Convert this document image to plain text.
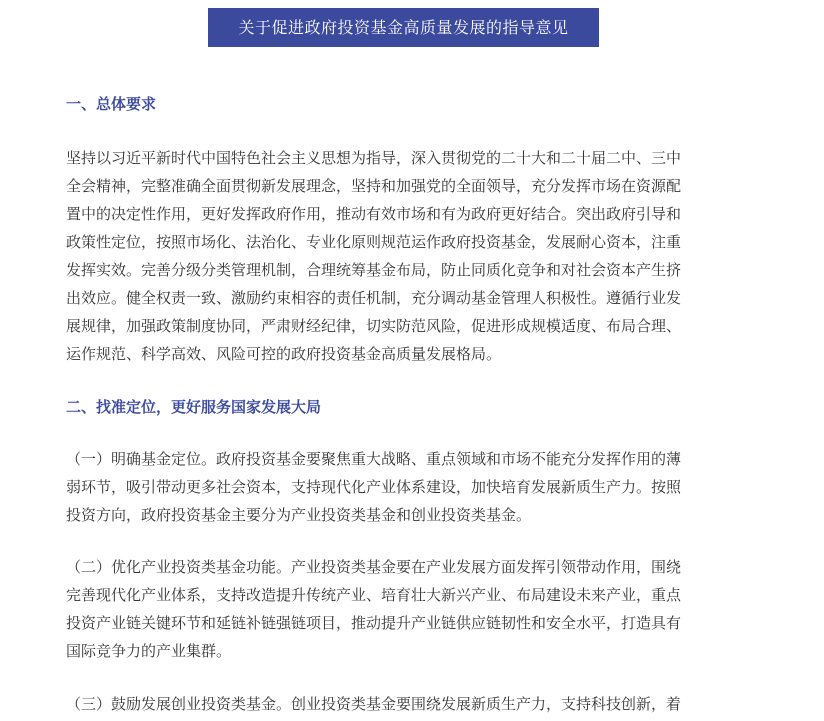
关于促进政府投资基金高质量发展的指导意见
一、总体要求
坚持以习近平新时代中国特色社会主义思想为指导，深入贯彻党的二十大和二十届二中、三中
全会精神，完整准确全面贯彻新发展理念，坚持和加强党的全面领导，充分发挥市场在资源配
置中的决定性作用，更好发挥政府作用，推动有效市场和有为政府更好结合。突出政府引导和
政策性定位，按照市场化、法治化、专业化原则规范运作政府投资基金，发展耐心资本，注重
发挥实效。完善分级分类管理机制，合理统筹基金布局，防止同质化竞争和对社会资本产生挤
出效应。健全权责一致、激励约束相容的责任机制，充分调动基金管理人积极性。遵循行业发
展规律，加强政策制度协同，严肃财经纪律，切实防范风险，促进形成规模适度、布局合理、
运作规范、科学高效、风险可控的政府投资基金高质量发展格局。
二、找准定位，更好服务国家发展大局
（一）明确基金定位。政府投资基金要聚焦重大战略、重点领域和市场不能充分发挥作用的薄
弱环节，吸引带动更多社会资本，支持现代化产业体系建设，加快培育发展新质生产力。按照
投资方向，政府投资基金主要分为产业投资类基金和创业投资类基金。
（二）优化产业投资类基金功能。产业投资类基金要在产业发展方面发挥引领带动作用，围绕
完善现代化产业体系，支持改造提升传统产业、培育壮大新兴产业、布局建设未来产业，重点
投资产业链关键环节和延链补链强链项目，推动提升产业链供应链韧性和安全水平，打造具有
国际竞争力的产业集群。
（三）鼓励发展创业投资类基金。创业投资类基金要围绕发展新质生产力，支持科技创新，着
